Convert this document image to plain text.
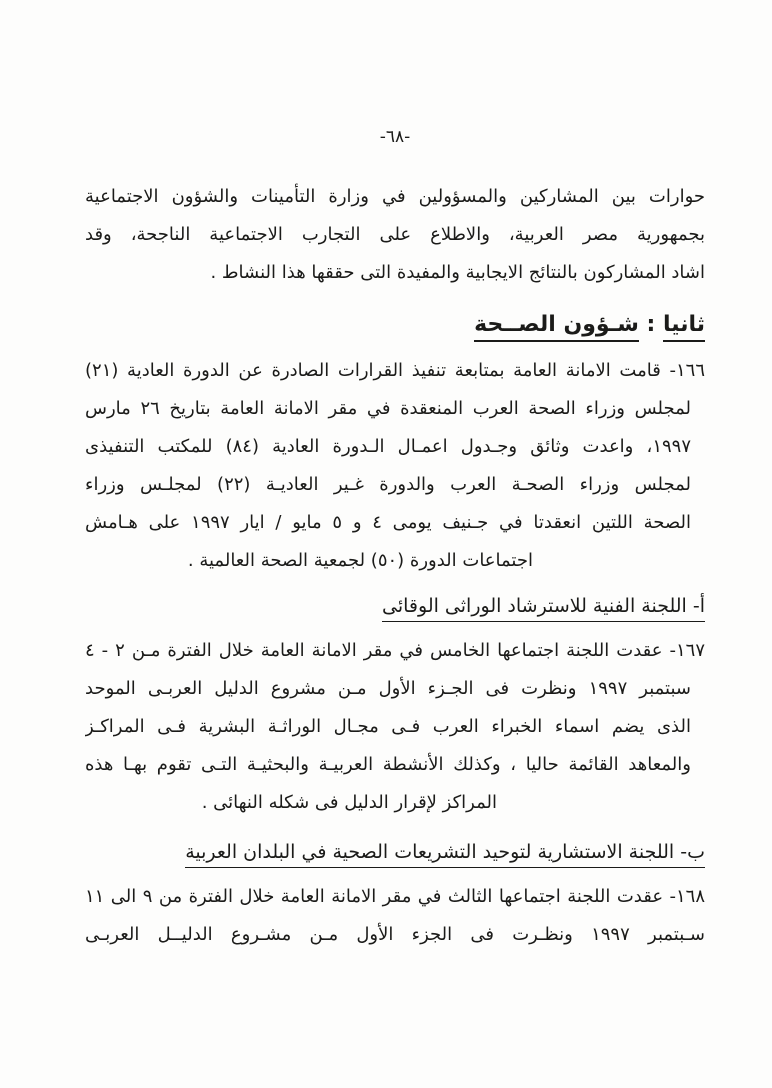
-٦٨-
حوارات بين المشاركين والمسؤولين في وزارة التأمينات والشؤون الاجتماعية
بجمهورية مصر العربية، والاطلاع على التجارب الاجتماعية الناجحة، وقد
اشاد المشاركون بالنتائج الايجابية والمفيدة التى حققها هذا النشاط .
ثانيا : شـؤون الصــحة
١٦٦- قامت الامانة العامة بمتابعة تنفيذ القرارات الصادرة عن الدورة العادية (٢١)
لمجلس وزراء الصحة العرب المنعقدة في مقر الامانة العامة بتاريخ ٢٦ مارس
١٩٩٧، واعدت وثائق وجـدول اعمـال الـدورة العادية (٨٤) للمكتب التنفيذى
لمجلس وزراء الصحـة العرب والدورة غـير العاديـة (٢٢) لمجلـس وزراء
الصحة اللتين انعقدتا في جـنيف يومى ٤ و ٥ مايو / ايار ١٩٩٧ على هـامش
اجتماعات الدورة (٥٠) لجمعية الصحة العالمية .
أ- اللجنة الفنية للاسترشاد الوراثى الوقائى
١٦٧- عقدت اللجنة اجتماعها الخامس في مقر الامانة العامة خلال الفترة مـن ٢ - ٤
سبتمبر ١٩٩٧ ونظرت فى الجـزء الأول مـن مشروع الدليل العربـى الموحد
الذى يضم اسماء الخبراء العرب فـى مجـال الوراثـة البشرية فـى المراكـز
والمعاهد القائمة حاليا ، وكذلك الأنشطة العربيـة والبحثيـة التـى تقوم بهـا هذه
المراكز لإقرار الدليل فى شكله النهائى .
ب- اللجنة الاستشارية لتوحيد التشريعات الصحية في البلدان العربية
١٦٨- عقدت اللجنة اجتماعها الثالث في مقر الامانة العامة خلال الفترة من ٩ الى ١١
سـبتمبر ١٩٩٧ ونظـرت فى الجزء الأول مـن مشـروع الدليــل العربـى
